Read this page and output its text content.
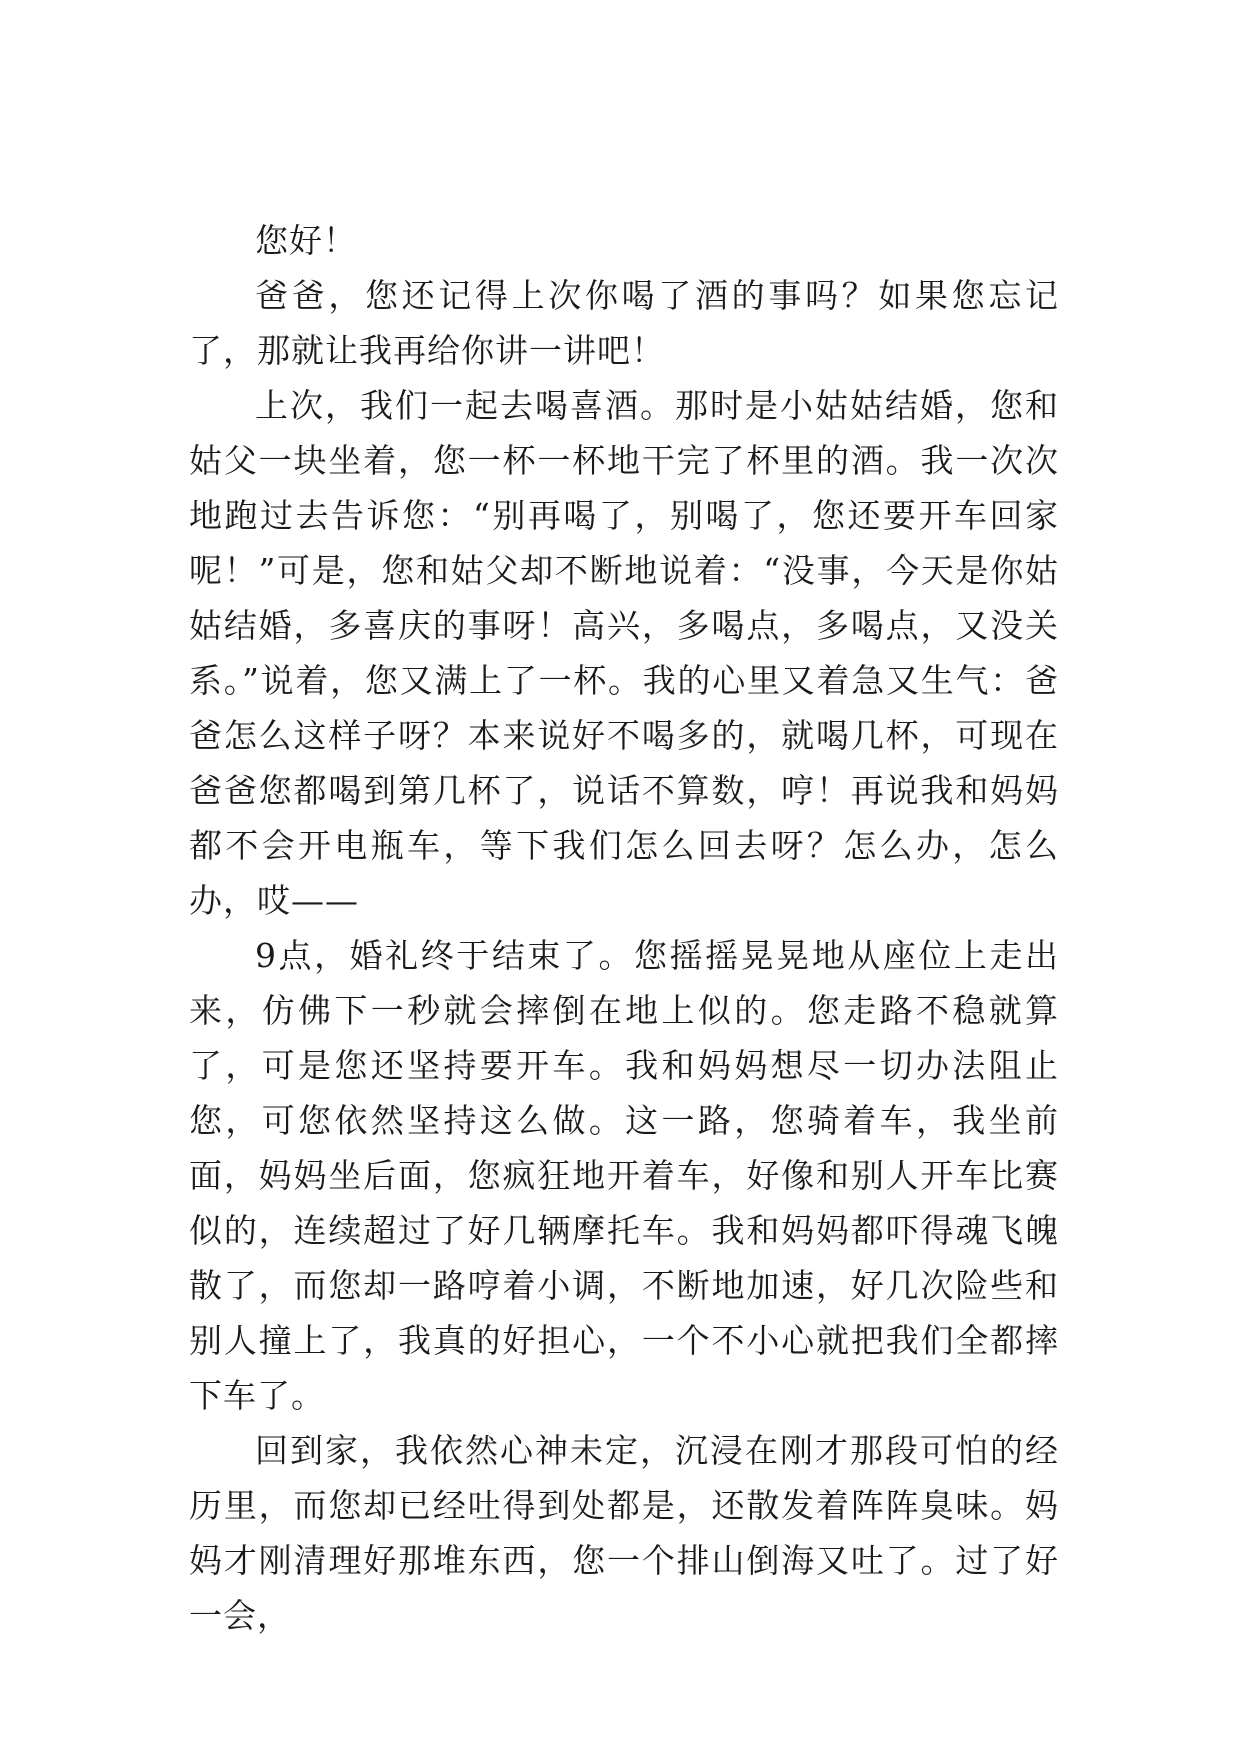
您好！

爸爸，您还记得上次你喝了酒的事吗？如果您忘记了，那就让我再给你讲一讲吧！

上次，我们一起去喝喜酒。那时是小姑姑结婚，您和姑父一块坐着，您一杯一杯地干完了杯里的酒。我一次次地跑过去告诉您：“别再喝了，别喝了，您还要开车回家呢！”可是，您和姑父却不断地说着：“没事，今天是你姑姑结婚，多喜庆的事呀！高兴，多喝点，多喝点，又没关系。”说着，您又满上了一杯。我的心里又着急又生气：爸爸怎么这样子呀？本来说好不喝多的，就喝几杯，可现在爸爸您都喝到第几杯了，说话不算数，哼！再说我和妈妈都不会开电瓶车，等下我们怎么回去呀？怎么办，怎么办，哎——

9点，婚礼终于结束了。您摇摇晃晃地从座位上走出来，仿佛下一秒就会摔倒在地上似的。您走路不稳就算了，可是您还坚持要开车。我和妈妈想尽一切办法阻止您，可您依然坚持这么做。这一路，您骑着车，我坐前面，妈妈坐后面，您疯狂地开着车，好像和别人开车比赛似的，连续超过了好几辆摩托车。我和妈妈都吓得魂飞魄散了，而您却一路哼着小调，不断地加速，好几次险些和别人撞上了，我真的好担心，一个不小心就把我们全都摔下车了。

回到家，我依然心神未定，沉浸在刚才那段可怕的经历里，而您却已经吐得到处都是，还散发着阵阵臭味。妈妈才刚清理好那堆东西，您一个排山倒海又吐了。过了好一会，
